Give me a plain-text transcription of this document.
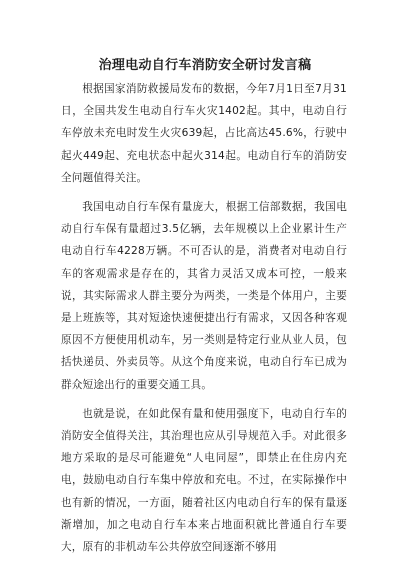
治理电动自行车消防安全研讨发言稿

根据国家消防救援局发布的数据，今年7月1日至7月31日，全国共发生电动自行车火灾1402起。其中，电动自行车停放未充电时发生火灾639起，占比高达45.6%，行驶中起火449起、充电状态中起火314起。电动自行车的消防安全问题值得关注。

我国电动自行车保有量庞大，根据工信部数据，我国电动自行车保有量超过3.5亿辆，去年规模以上企业累计生产电动自行车4228万辆。不可否认的是，消费者对电动自行车的客观需求是存在的，其省力灵活又成本可控，一般来说，其实际需求人群主要分为两类，一类是个体用户，主要是上班族等，其对短途快速便捷出行有需求，又因各种客观原因不方便使用机动车，另一类则是特定行业从业人员，包括快递员、外卖员等。从这个角度来说，电动自行车已成为群众短途出行的重要交通工具。

也就是说，在如此保有量和使用强度下，电动自行车的消防安全值得关注，其治理也应从引导规范入手。对此很多地方采取的是尽可能避免“人电同屋”，即禁止在住房内充电，鼓励电动自行车集中停放和充电。不过，在实际操作中也有新的情况，一方面，随着社区内电动自行车的保有量逐渐增加，加之电动自行车本来占地面积就比普通自行车要大，原有的非机动车公共停放空间逐渐不够用
